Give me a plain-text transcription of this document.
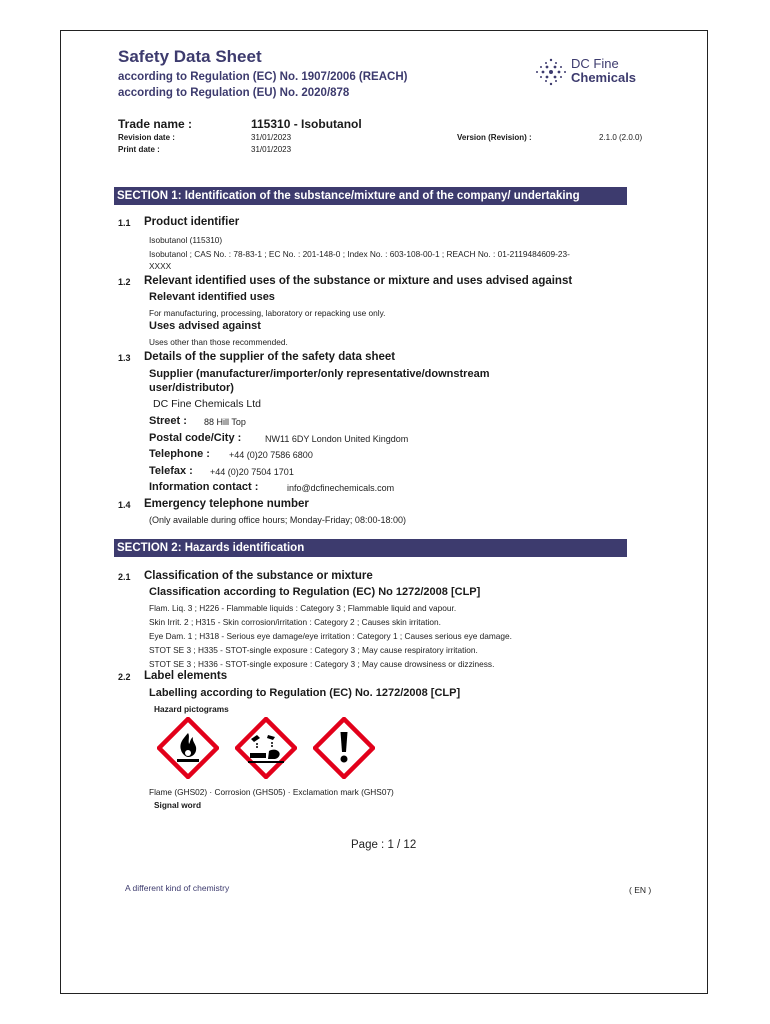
Safety Data Sheet
according to Regulation (EC) No. 1907/2006 (REACH)
according to Regulation (EU) No. 2020/878
DC Fine
Chemicals
Trade name :	115310 - Isobutanol
Revision date :	31/01/2023
Print date :	31/01/2023
Version (Revision) :	2.1.0 (2.0.0)
SECTION 1: Identification of the substance/mixture and of the company/ undertaking
1.1 Product identifier
Isobutanol (115310)
Isobutanol ; CAS No. : 78-83-1 ; EC No. : 201-148-0 ; Index No. : 603-108-00-1 ; REACH No. : 01-2119484609-23-
XXXX
1.2 Relevant identified uses of the substance or mixture and uses advised against
Relevant identified uses
For manufacturing, processing, laboratory or repacking use only.
Uses advised against
Uses other than those recommended.
1.3 Details of the supplier of the safety data sheet
Supplier (manufacturer/importer/only representative/downstream
user/distributor)
DC Fine Chemicals Ltd
Street : 88 Hill Top
Postal code/City :	NW11 6DY London United Kingdom
Telephone : +44 (0)20 7586 6800
Telefax : +44 (0)20 7504 1701
Information contact :	info@dcfinechemicals.com
1.4 Emergency telephone number
(Only available during office hours; Monday-Friday; 08:00-18:00)
SECTION 2: Hazards identification
2.1 Classification of the substance or mixture
Classification according to Regulation (EC) No 1272/2008 [CLP]
Flam. Liq. 3 ; H226 - Flammable liquids : Category 3 ; Flammable liquid and vapour.
Skin Irrit. 2 ; H315 - Skin corrosion/irritation : Category 2 ; Causes skin irritation.
Eye Dam. 1 ; H318 - Serious eye damage/eye irritation : Category 1 ; Causes serious eye damage.
STOT SE 3 ; H335 - STOT-single exposure : Category 3 ; May cause respiratory irritation.
STOT SE 3 ; H336 - STOT-single exposure : Category 3 ; May cause drowsiness or dizziness.
2.2 Label elements
Labelling according to Regulation (EC) No. 1272/2008 [CLP]
Hazard pictograms
Flame (GHS02) · Corrosion (GHS05) · Exclamation mark (GHS07)
Signal word
Page : 1 / 12
A different kind of chemistry	( EN )
